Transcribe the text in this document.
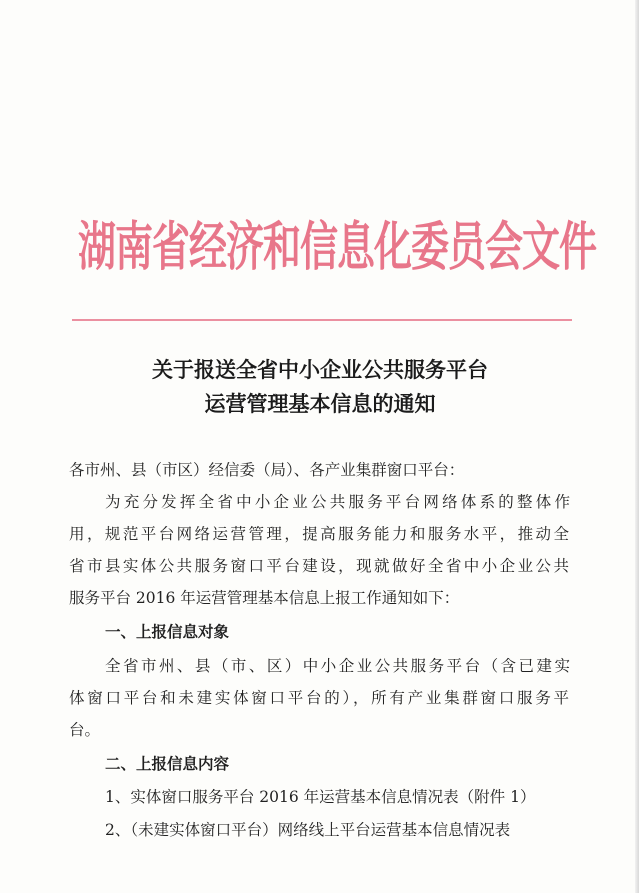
湖南省经济和信息化委员会文件
关于报送全省中小企业公共服务平台
运营管理基本信息的通知
各市州、县（市区）经信委（局）、各产业集群窗口平台：
为充分发挥全省中小企业公共服务平台网络体系的整体作
用，规范平台网络运营管理，提高服务能力和服务水平，推动全
省市县实体公共服务窗口平台建设，现就做好全省中小企业公共
服务平台 2016 年运营管理基本信息上报工作通知如下：
一、上报信息对象
全省市州、县（市、区）中小企业公共服务平台（含已建实
体窗口平台和未建实体窗口平台的），所有产业集群窗口服务平
台。
二、上报信息内容
1、实体窗口服务平台 2016 年运营基本信息情况表（附件 1）
2、（未建实体窗口平台）网络线上平台运营基本信息情况表
